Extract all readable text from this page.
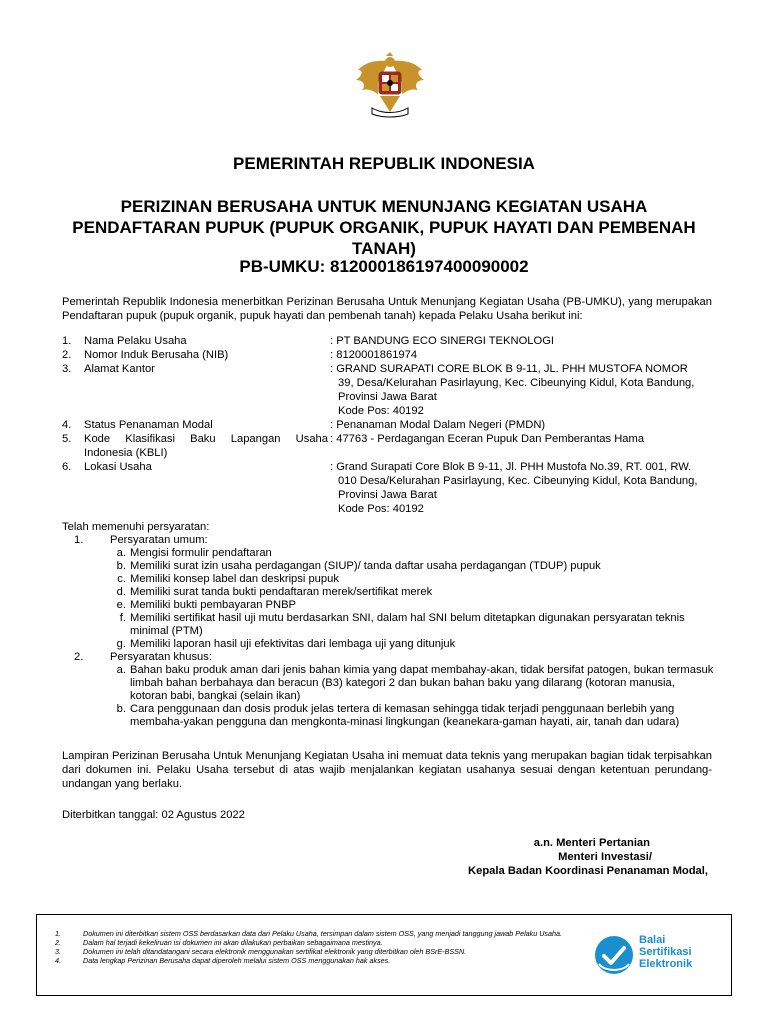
PEMERINTAH REPUBLIK INDONESIA
PERIZINAN BERUSAHA UNTUK MENUNJANG KEGIATAN USAHA
PENDAFTARAN PUPUK (PUPUK ORGANIK, PUPUK HAYATI DAN PEMBENAH
TANAH)
PB-UMKU: 812000186197400090002

Pemerintah Republik Indonesia menerbitkan Perizinan Berusaha Untuk Menunjang Kegiatan Usaha (PB-UMKU), yang merupakan Pendaftaran pupuk (pupuk organik, pupuk hayati dan pembenah tanah) kepada Pelaku Usaha berikut ini:

1.	Nama Pelaku Usaha	: PT BANDUNG ECO SINERGI TEKNOLOGI
2.	Nomor Induk Berusaha (NIB)	: 8120001861974
3.	Alamat Kantor	: GRAND SURAPATI CORE BLOK B 9-11, JL. PHH MUSTOFA NOMOR
39, Desa/Kelurahan Pasirlayung, Kec. Cibeunying Kidul, Kota Bandung,
Provinsi Jawa Barat
Kode Pos: 40192
4.	Status Penanaman Modal	: Penanaman Modal Dalam Negeri (PMDN)
5.	Kode Klasifikasi Baku Lapangan Usaha : 47763 - Perdagangan Eceran Pupuk Dan Pemberantas Hama
Indonesia (KBLI)
6.	Lokasi Usaha	: Grand Surapati Core Blok B 9-11, Jl. PHH Mustofa No.39, RT. 001, RW.
010 Desa/Kelurahan Pasirlayung, Kec. Cibeunying Kidul, Kota Bandung,
Provinsi Jawa Barat
Kode Pos: 40192
Telah memenuhi persyaratan:
1.	Persyaratan umum:
a. Mengisi formulir pendaftaran
b. Memiliki surat izin usaha perdagangan (SIUP)/ tanda daftar usaha perdagangan (TDUP) pupuk
c. Memiliki konsep label dan deskripsi pupuk
d. Memiliki surat tanda bukti pendaftaran merek/sertifikat merek
e. Memiliki bukti pembayaran PNBP
f. Memiliki sertifikat hasil uji mutu berdasarkan SNI, dalam hal SNI belum ditetapkan digunakan persyaratan teknis minimal (PTM)
g. Memiliki laporan hasil uji efektivitas dari lembaga uji yang ditunjuk
2.	Persyaratan khusus:
a. Bahan baku produk aman dari jenis bahan kimia yang dapat membahay-akan, tidak bersifat patogen, bukan termasuk limbah bahan berbahaya dan beracun (B3) kategori 2 dan bukan bahan baku yang dilarang (kotoran manusia, kotoran babi, bangkai (selain ikan)
b. Cara penggunaan dan dosis produk jelas tertera di kemasan sehingga tidak terjadi penggunaan berlebih yang membaha-yakan pengguna dan mengkonta-minasi lingkungan (keanekara-gaman hayati, air, tanah dan udara)

Lampiran Perizinan Berusaha Untuk Menunjang Kegiatan Usaha ini memuat data teknis yang merupakan bagian tidak terpisahkan dari dokumen ini. Pelaku Usaha tersebut di atas wajib menjalankan kegiatan usahanya sesuai dengan ketentuan perundang-undangan yang berlaku.

Diterbitkan tanggal: 02 Agustus 2022
a.n. Menteri Pertanian
Menteri Investasi/
Kepala Badan Koordinasi Penanaman Modal,
1.	Dokumen ini diterbitkan sistem OSS berdasarkan data dari Pelaku Usaha, tersimpan dalam sistem OSS, yang menjadi tanggung jawab Pelaku Usaha.
2.	Dalam hal terjadi kekeliruan isi dokumen ini akan dilakukan perbaikan sebagaimana mestinya.
3.	Dokumen ini telah ditandatangani secara elektronik menggunakan sertifikat elektronik yang diterbitkan oleh BSrE-BSSN.
4.	Data lengkap Perizinan Berusaha dapat diperoleh melalui sistem OSS menggunakan hak akses.
Balai
Sertifikasi
Elektronik
